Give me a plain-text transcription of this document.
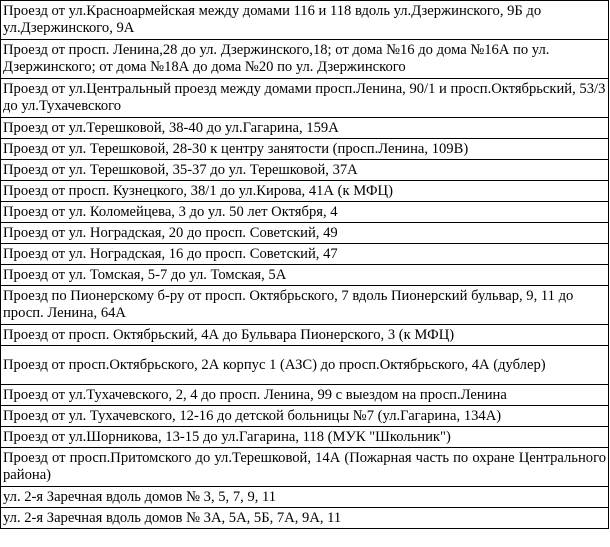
Проезд от ул.Красноармейская между домами 116 и 118 вдоль ул.Дзержинского, 9Б до ул.Дзержинского, 9А
Проезд от просп. Ленина,28 до ул. Дзержинского,18; от дома №16 до дома №16А по ул. Дзержинского; от дома №18А до дома №20 по ул. Дзержинского
Проезд от ул.Центральный проезд между домами просп.Ленина, 90/1 и просп.Октябрьский, 53/3 до ул.Тухачевского
Проезд от ул.Терешковой, 38-40 до ул.Гагарина, 159А
Проезд от ул. Терешковой, 28-30 к центру занятости (просп.Ленина, 109В)
Проезд от ул. Терешковой, 35-37 до ул. Терешковой, 37А
Проезд от просп. Кузнецкого, 38/1 до ул.Кирова, 41А (к МФЦ)
Проезд от ул. Коломейцева, 3 до ул. 50 лет Октября, 4
Проезд от ул. Ноградская, 20 до просп. Советский, 49
Проезд от ул. Ноградская, 16 до просп. Советский, 47
Проезд от ул. Томская, 5-7 до ул. Томская, 5А
Проезд по Пионерскому б-ру от просп. Октябрьского, 7 вдоль Пионерский бульвар, 9, 11 до просп. Ленина, 64А
Проезд от просп. Октябрьский, 4А до Бульвара Пионерского, 3 (к МФЦ)
Проезд от просп.Октябрьского, 2А корпус 1 (АЗС) до просп.Октябрьского, 4А (дублер)
Проезд от ул.Тухачевского, 2, 4 до просп. Ленина, 99 с выездом на просп.Ленина
Проезд от ул. Тухачевского, 12-16 до детской больницы №7 (ул.Гагарина, 134А)
Проезд от ул.Шорникова, 13-15 до ул.Гагарина, 118 (МУК "Школьник")
Проезд от просп.Притомского до ул.Терешковой, 14А (Пожарная часть по охране Центрального района)
ул. 2-я Заречная вдоль домов № 3, 5, 7, 9, 11
ул. 2-я Заречная вдоль домов № 3А, 5А, 5Б, 7А, 9А, 11
